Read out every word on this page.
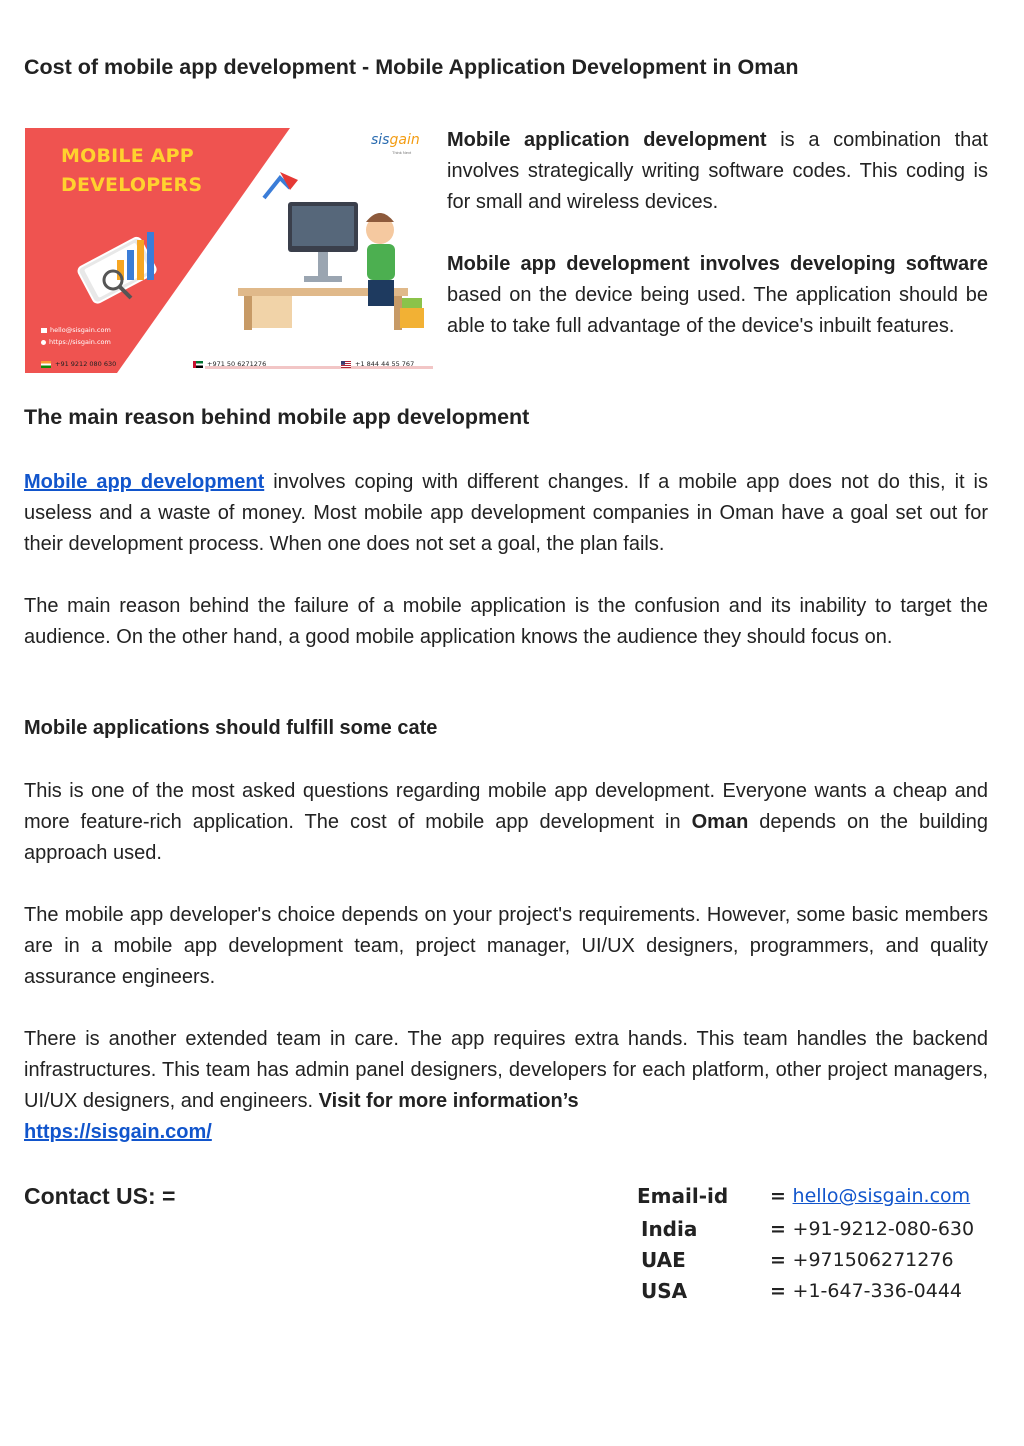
Cost of mobile app development - Mobile Application Development in Oman
MOBILE APP
DEVELOPERS
sisgain
Think Next
hello@sisgain.com
https://sisgain.com
+91 9212 080 630	+971 50 6271276	+1 844 44 55 767

Mobile application development is a combination that involves strategically writing software codes. This coding is for small and wireless devices.

Mobile app development involves developing software based on the device being used. The application should be able to take full advantage of the device's inbuilt features.

The main reason behind mobile app development

Mobile app development involves coping with different changes. If a mobile app does not do this, it is useless and a waste of money. Most mobile app development companies in Oman have a goal set out for their development process. When one does not set a goal, the plan fails.

The main reason behind the failure of a mobile application is the confusion and its inability to target the audience. On the other hand, a good mobile application knows the audience they should focus on.

Mobile applications should fulfill some cate

This is one of the most asked questions regarding mobile app development. Everyone wants a cheap and more feature-rich application. The cost of mobile app development in Oman depends on the building approach used.

The mobile app developer's choice depends on your project's requirements. However, some basic members are in a mobile app development team, project manager, UI/UX designers, programmers, and quality assurance engineers.

There is another extended team in care. The app requires extra hands. This team handles the backend infrastructures. This team has admin panel designers, developers for each platform, other project managers, UI/UX designers, and engineers. Visit for more information’s
https://sisgain.com/

Contact US: =	Email-id = hello@sisgain.com
India	= +91-9212-080-630
UAE	= +971506271276
USA	= +1-647-336-0444
